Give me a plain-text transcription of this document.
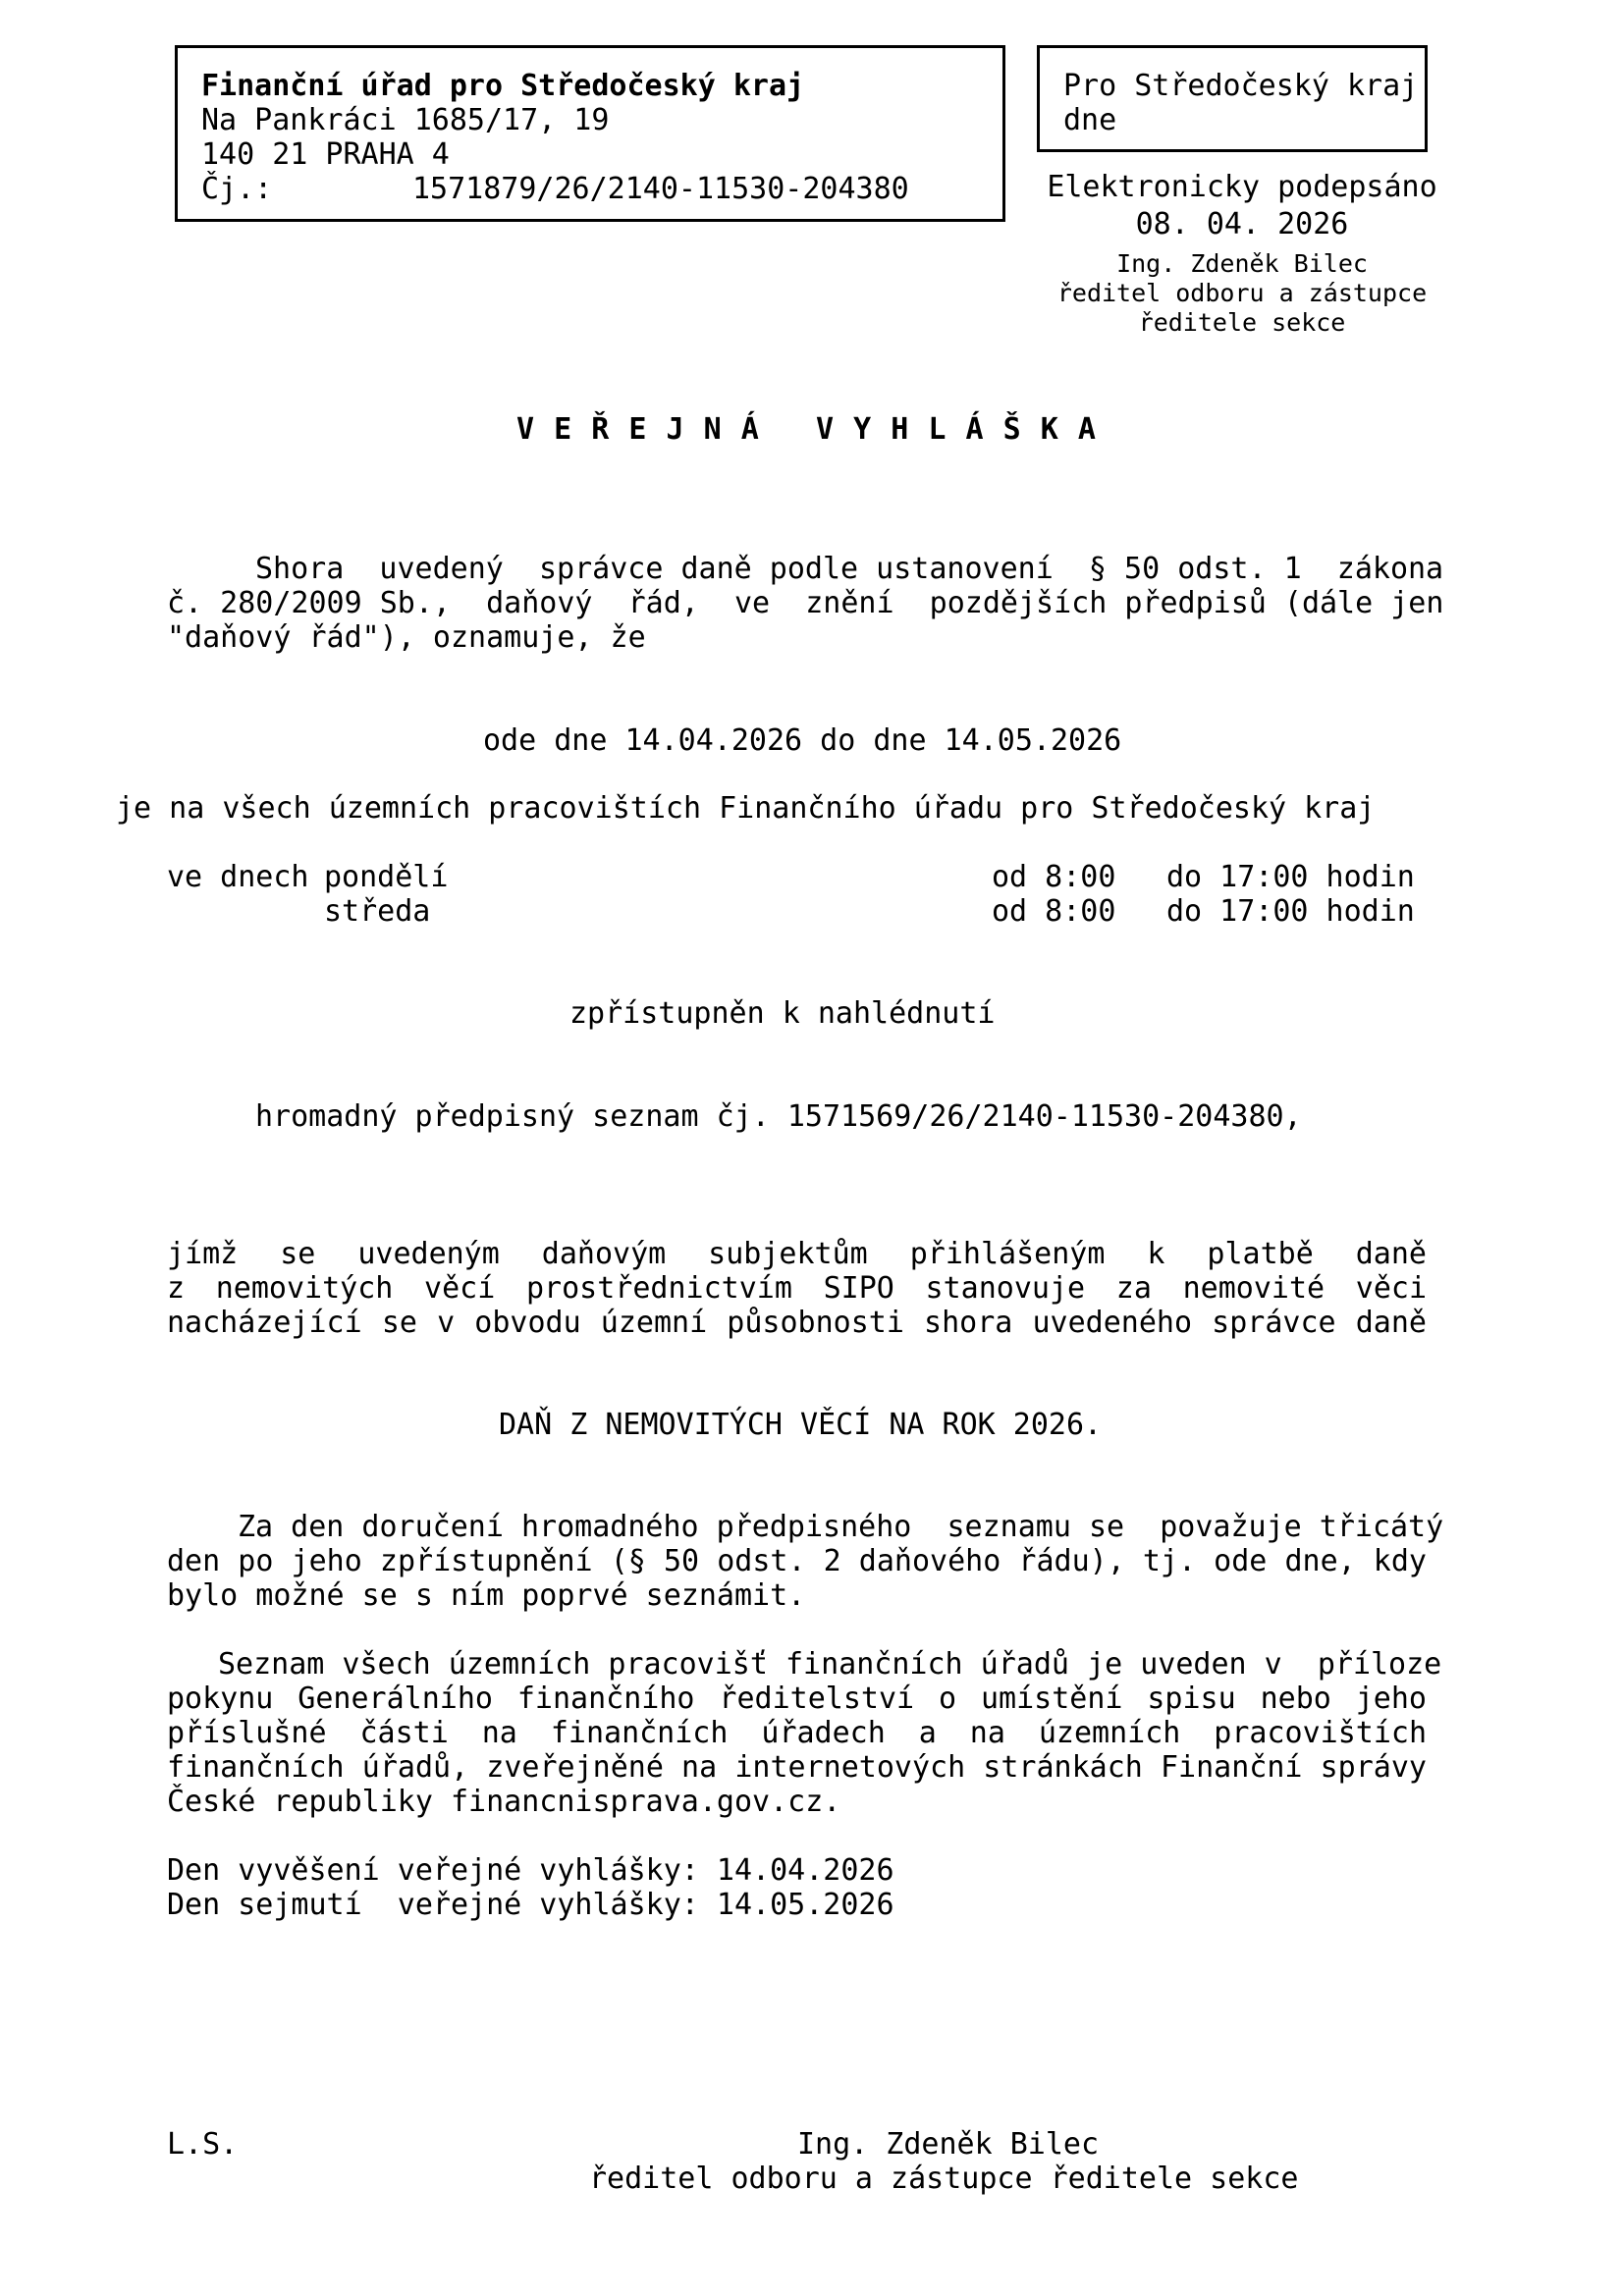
Finanční úřad pro Středočeský kraj
Na Pankráci 1685/17, 19
140 21 PRAHA 4
Čj.:	1571879/26/2140-11530-204380
Pro Středočeský kraj
dne
Elektronicky podepsáno
08. 04. 2026
Ing. Zdeněk Bilec
ředitel odboru a zástupce
ředitele sekce
V E Ř E J N Á   V Y H L Á Š K A
Shora  uvedený  správce daně podle ustanovení  § 50 odst. 1  zákona
č. 280/2009 Sb.,  daňový  řád,  ve  znění  pozdějších předpisů (dále jen
"daňový řád"), oznamuje, že
ode dne 14.04.2026 do dne 14.05.2026
je na všech územních pracovištích Finančního úřadu pro Středočeský kraj
ve dnech pondělí	od 8:00 do 17:00 hodin
středa	od 8:00 do 17:00 hodin
zpřístupněn k nahlédnutí
hromadný předpisný seznam čj. 1571569/26/2140-11530-204380,
jímž se uvedeným daňovým subjektům přihlášeným k platbě daně
z nemovitých věcí prostřednictvím SIPO stanovuje za nemovité věci
nacházející se v obvodu územní působnosti shora uvedeného správce daně
DAŇ Z NEMOVITÝCH VĚCÍ NA ROK 2026.
Za den doručení hromadného předpisného  seznamu se  považuje třicátý
den po jeho zpřístupnění (§ 50 odst. 2 daňového řádu), tj. ode dne, kdy
bylo možné se s ním poprvé seznámit.
Seznam všech územních pracovišť finančních úřadů je uveden v  příloze
pokynu Generálního finančního ředitelství o umístění spisu nebo jeho
příslušné části na finančních úřadech a na územních pracovištích
finančních úřadů, zveřejněné na internetových stránkách Finanční správy
České republiky financnisprava.gov.cz.
Den vyvěšení veřejné vyhlášky: 14.04.2026
Den sejmutí  veřejné vyhlášky: 14.05.2026
L.S.	Ing. Zdeněk Bilec
ředitel odboru a zástupce ředitele sekce
